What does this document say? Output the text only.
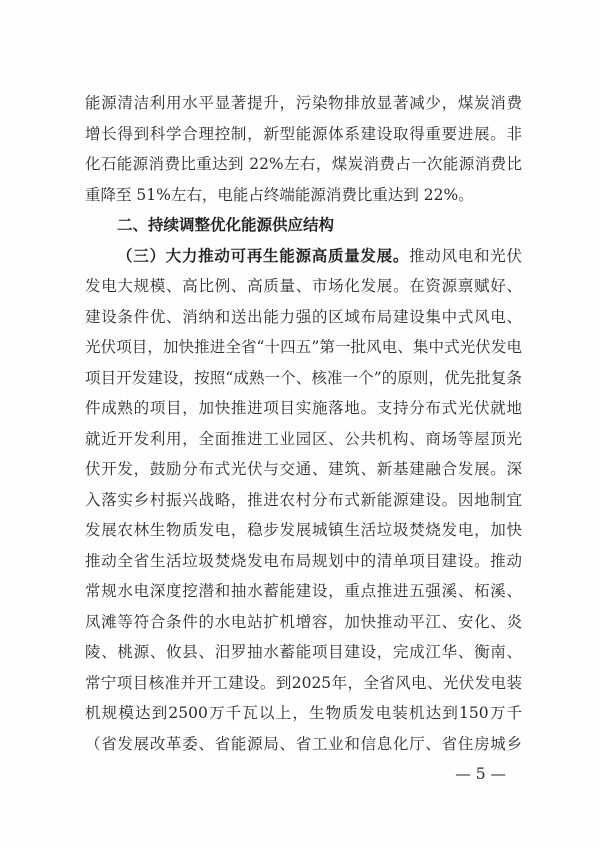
能源清洁利用水平显著提升，污染物排放显著减少，煤炭消费
增长得到科学合理控制，新型能源体系建设取得重要进展。非
化石能源消费比重达到 22%左右，煤炭消费占一次能源消费比
重降至 51%左右，电能占终端能源消费比重达到 22%。
二、持续调整优化能源供应结构
（三）大力推动可再生能源高质量发展。推动风电和光伏
发电大规模、高比例、高质量、市场化发展。在资源禀赋好、
建设条件优、消纳和送出能力强的区域布局建设集中式风电、
光伏项目，加快推进全省“十四五”第一批风电、集中式光伏发电
项目开发建设，按照“成熟一个、核准一个”的原则，优先批复条
件成熟的项目，加快推进项目实施落地。支持分布式光伏就地
就近开发利用，全面推进工业园区、公共机构、商场等屋顶光
伏开发，鼓励分布式光伏与交通、建筑、新基建融合发展。深
入落实乡村振兴战略，推进农村分布式新能源建设。因地制宜
发展农林生物质发电，稳步发展城镇生活垃圾焚烧发电，加快
推动全省生活垃圾焚烧发电布局规划中的清单项目建设。推动
常规水电深度挖潜和抽水蓄能建设，重点推进五强溪、柘溪、
凤滩等符合条件的水电站扩机增容，加快推动平江、安化、炎
陵、桃源、攸县、汨罗抽水蓄能项目建设，完成江华、衡南、
常宁项目核准并开工建设。到2025年，全省风电、光伏发电装
机规模达到2500万千瓦以上，生物质发电装机达到150万千
（省发展改革委、省能源局、省工业和信息化厅、省住房城乡
— 5 —
